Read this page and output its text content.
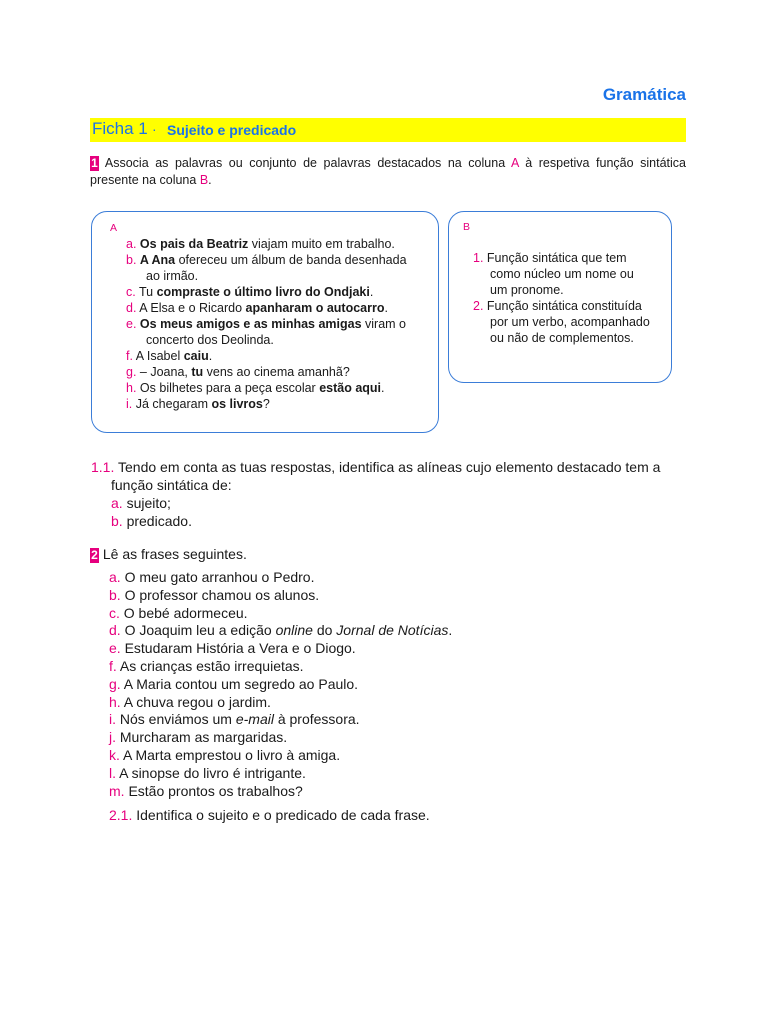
Gramática
Ficha 1 · Sujeito e predicado
1 Associa as palavras ou conjunto de palavras destacados na coluna A à respetiva função sintática presente na coluna B.
A
a. Os pais da Beatriz viajam muito em trabalho.
b. A Ana ofereceu um álbum de banda desenhada
ao irmão.
c. Tu compraste o último livro do Ondjaki.
d. A Elsa e o Ricardo apanharam o autocarro.
e. Os meus amigos e as minhas amigas viram o
concerto dos Deolinda.
f. A Isabel caiu.
g. – Joana, tu vens ao cinema amanhã?
h. Os bilhetes para a peça escolar estão aqui.
i. Já chegaram os livros?
B
1. Função sintática que tem
como núcleo um nome ou
um pronome.
2. Função sintática constituída
por um verbo, acompanhado
ou não de complementos.
1.1. Tendo em conta as tuas respostas, identifica as alíneas cujo elemento destacado tem a
função sintática de:
a. sujeito;
b. predicado.
2 Lê as frases seguintes.
a. O meu gato arranhou o Pedro.
b. O professor chamou os alunos.
c. O bebé adormeceu.
d. O Joaquim leu a edição online do Jornal de Notícias.
e. Estudaram História a Vera e o Diogo.
f. As crianças estão irrequietas.
g. A Maria contou um segredo ao Paulo.
h. A chuva regou o jardim.
i. Nós enviámos um e-mail à professora.
j. Murcharam as margaridas.
k. A Marta emprestou o livro à amiga.
l. A sinopse do livro é intrigante.
m. Estão prontos os trabalhos?
2.1. Identifica o sujeito e o predicado de cada frase.
